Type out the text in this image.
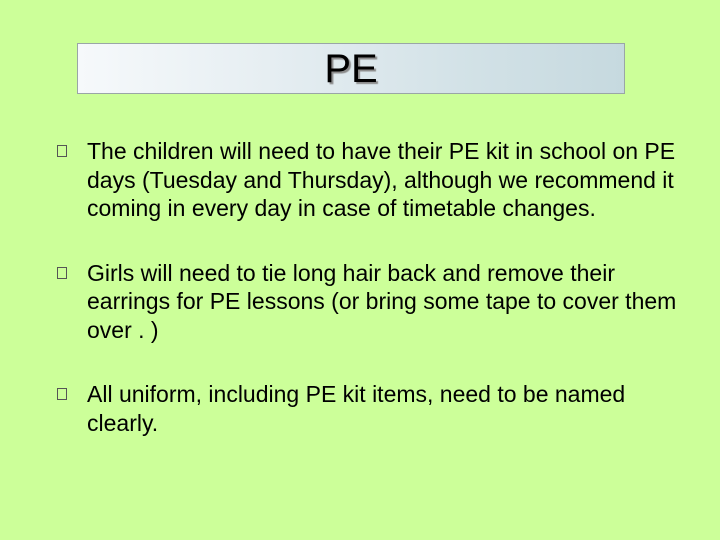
PE
The children will need to have their PE kit in school on PE days (Tuesday and Thursday), although we recommend it coming in every day in case of timetable changes.
Girls will need to tie long hair back and remove their earrings for PE lessons (or bring some tape to cover them over . )
All uniform, including PE kit items, need to be named clearly.
